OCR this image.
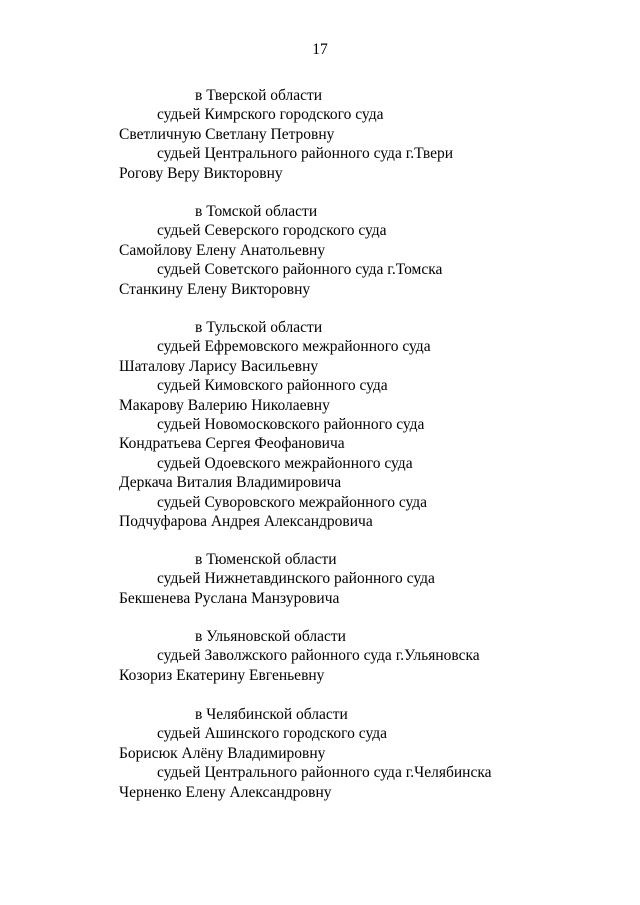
17
в Тверской области
судьей Кимрского городского суда
Светличную Светлану Петровну
судьей Центрального районного суда г.Твери
Рогову Веру Викторовну
в Томской области
судьей Северского городского суда
Самойлову Елену Анатольевну
судьей Советского районного суда г.Томска
Станкину Елену Викторовну
в Тульской области
судьей Ефремовского межрайонного суда
Шаталову Ларису Васильевну
судьей Кимовского районного суда
Макарову Валерию Николаевну
судьей Новомосковского районного суда
Кондратьева Сергея Феофановича
судьей Одоевского межрайонного суда
Деркача Виталия Владимировича
судьей Суворовского межрайонного суда
Подчуфарова Андрея Александровича
в Тюменской области
судьей Нижнетавдинского районного суда
Бекшенева Руслана Манзуровича
в Ульяновской области
судьей Заволжского районного суда г.Ульяновска
Козориз Екатерину Евгеньевну
в Челябинской области
судьей Ашинского городского суда
Борисюк Алёну Владимировну
судьей Центрального районного суда г.Челябинска
Черненко Елену Александровну
